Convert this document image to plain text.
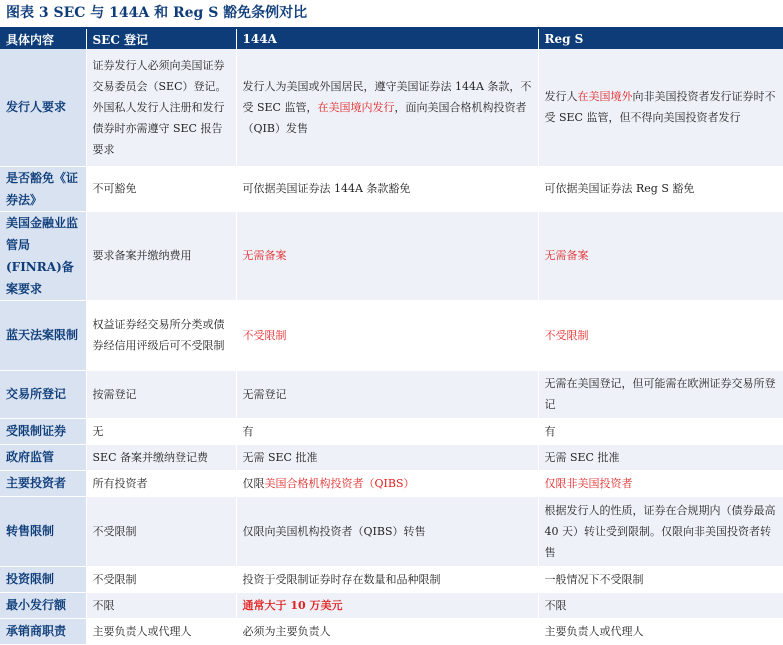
图表 3 SEC 与 144A 和 Reg S 豁免条例对比
具体内容	SEC 登记	144A	Reg S
发行人要求	证券发行人必须向美国证券交易委员会（SEC）登记。外国私人发行人注册和发行债券时亦需遵守 SEC 报告要求	发行人为美国或外国居民，遵守美国证券法 144A 条款，不受 SEC 监管，在美国境内发行，面向美国合格机构投资者（QIB）发售	发行人在美国境外向非美国投资者发行证券时不受 SEC 监管，但不得向美国投资者发行
是否豁免《证券法》	不可豁免	可依据美国证券法 144A 条款豁免	可依据美国证券法 Reg S 豁免
美国金融业监管局(FINRA)备案要求	要求备案并缴纳费用	无需备案	无需备案
蓝天法案限制	权益证券经交易所分类或债券经信用评级后可不受限制	不受限制	不受限制
交易所登记	按需登记	无需登记	无需在美国登记，但可能需在欧洲证券交易所登记
受限制证券	无	有	有
政府监管	SEC 备案并缴纳登记费	无需 SEC 批准	无需 SEC 批准
主要投资者	所有投资者	仅限美国合格机构投资者（QIBS）	仅限非美国投资者
转售限制	不受限制	仅限向美国机构投资者（QIBS）转售	根据发行人的性质，证券在合规期内（债券最高 40 天）转让受到限制。仅限向非美国投资者转售
投资限制	不受限制	投资于受限制证券时存在数量和品种限制	一般情况下不受限制
最小发行额	不限	通常大于 10 万美元	不限
承销商职责	主要负责人或代理人	必须为主要负责人	主要负责人或代理人
